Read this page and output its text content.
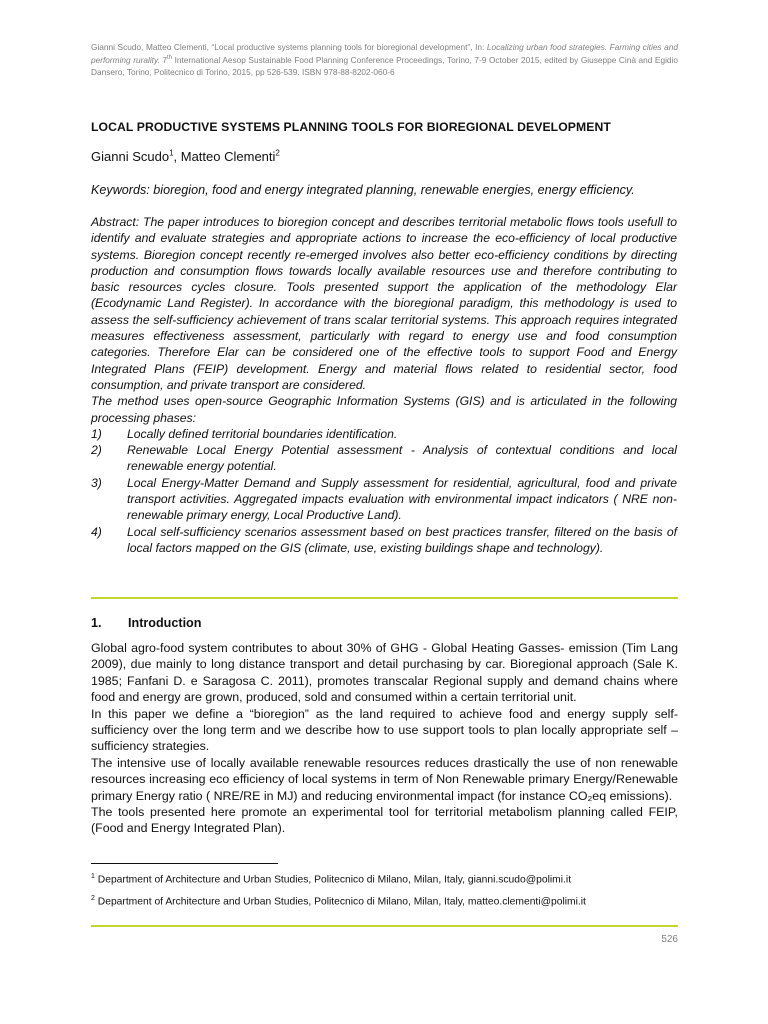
Gianni Scudo, Matteo Clementi, “Local productive systems planning tools for bioregional development”, In: Localizing urban food strategies. Farming cities and performing rurality. 7th International Aesop Sustainable Food Planning Conference Proceedings, Torino, 7-9 October 2015, edited by Giuseppe Cinà and Egidio Dansero, Torino, Politecnico di Torino, 2015, pp 526-539. ISBN 978-88-8202-060-6
LOCAL PRODUCTIVE SYSTEMS PLANNING TOOLS FOR BIOREGIONAL DEVELOPMENT
Gianni Scudo$^1$, Matteo Clementi$^2$
Keywords: bioregion, food and energy integrated planning, renewable energies, energy efficiency.

Abstract: The paper introduces to bioregion concept and describes territorial metabolic flows tools usefull to identify and evaluate strategies and appropriate actions to increase the eco-efficiency of local productive systems. Bioregion concept recently re-emerged involves also better eco-efficiency conditions by directing production and consumption flows towards locally available resources use and therefore contributing to basic resources cycles closure. Tools presented support the application of the methodology Elar (Ecodynamic Land Register). In accordance with the bioregional paradigm, this methodology is used to assess the self-sufficiency achievement of trans scalar territorial systems. This approach requires integrated measures effectiveness assessment, particularly with regard to energy use and food consumption categories. Therefore Elar can be considered one of the effective tools to support Food and Energy Integrated Plans (FEIP) development. Energy and material flows related to residential sector, food consumption, and private transport are considered.

The method uses open-source Geographic Information Systems (GIS) and is articulated in the following processing phases:

1)	Locally defined territorial boundaries identification.
2)	Renewable Local Energy Potential assessment - Analysis of contextual conditions and local renewable energy potential.
3)	Local Energy-Matter Demand and Supply assessment for residential, agricultural, food and private transport activities. Aggregated impacts evaluation with environmental impact indicators ( NRE non-renewable primary energy, Local Productive Land).
4)	Local self-sufficiency scenarios assessment based on best practices transfer, filtered on the basis of local factors mapped on the GIS (climate, use, existing buildings shape and technology).
1. Introduction

Global agro-food system contributes to about 30% of GHG - Global Heating Gasses- emission (Tim Lang 2009), due mainly to long distance transport and detail purchasing by car. Bioregional approach (Sale K. 1985; Fanfani D. e Saragosa C. 2011), promotes transcalar Regional supply and demand chains where food and energy are grown, produced, sold and consumed within a certain territorial unit.

In this paper we define a “bioregion” as the land required to achieve food and energy supply self-sufficiency over the long term and we describe how to use support tools to plan locally appropriate self –sufficiency strategies.

The intensive use of locally available renewable resources reduces drastically the use of non renewable resources increasing eco efficiency of local systems in term of Non Renewable primary Energy/Renewable primary Energy ratio ( NRE/RE in MJ) and reducing environmental impact (for instance CO₂eq emissions).

The tools presented here promote an experimental tool for territorial metabolism planning called FEIP, (Food and Energy Integrated Plan).

$^1$ Department of Architecture and Urban Studies, Politecnico di Milano, Milan, Italy, gianni.scudo@polimi.it
$^2$ Department of Architecture and Urban Studies, Politecnico di Milano, Milan, Italy, matteo.clementi@polimi.it
526
